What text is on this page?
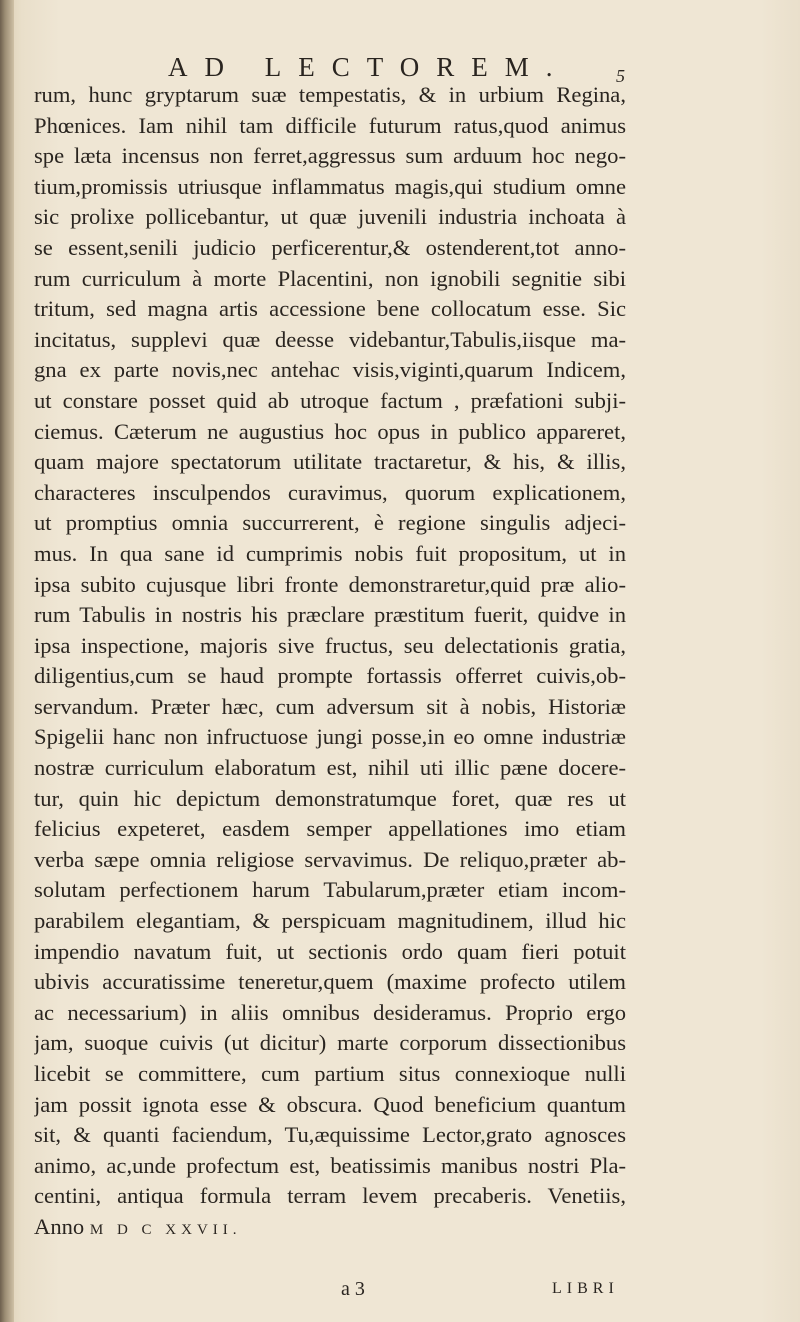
AD LECTOREM.	5
rum, hunc gryptarum suæ tempestatis, & in urbium Regina,
Phœnices. Iam nihil tam difficile futurum ratus,quod animus
spe læta incensus non ferret,aggressus sum arduum hoc nego-
tium,promissis utriusque inflammatus magis,qui studium omne
sic prolixe pollicebantur, ut quæ juvenili industria inchoata à
se essent,senili judicio perficerentur,& ostenderent,tot anno-
rum curriculum à morte Placentini, non ignobili segnitie sibi
tritum, sed magna artis accessione bene collocatum esse. Sic
incitatus, supplevi quæ deesse videbantur,Tabulis,iisque ma-
gna ex parte novis,nec antehac visis,viginti,quarum Indicem,
ut constare posset quid ab utroque factum , præfationi subji-
ciemus. Cæterum ne augustius hoc opus in publico appareret,
quam majore spectatorum utilitate tractaretur, & his, & illis,
characteres insculpendos curavimus, quorum explicationem,
ut promptius omnia succurrerent, è regione singulis adjeci-
mus. In qua sane id cumprimis nobis fuit propositum, ut in
ipsa subito cujusque libri fronte demonstraretur,quid præ alio-
rum Tabulis in nostris his præclare præstitum fuerit, quidve in
ipsa inspectione, majoris sive fructus, seu delectationis gratia,
diligentius,cum se haud prompte fortassis offerret cuivis,ob-
servandum. Præter hæc, cum adversum sit à nobis, Historiæ
Spigelii hanc non infructuose jungi posse,in eo omne industriæ
nostræ curriculum elaboratum est, nihil uti illic pæne docere-
tur, quin hic depictum demonstratumque foret, quæ res ut
felicius expeteret, easdem semper appellationes imo etiam
verba sæpe omnia religiose servavimus. De reliquo,præter ab-
solutam perfectionem harum Tabularum,præter etiam incom-
parabilem elegantiam, & perspicuam magnitudinem, illud hic
impendio navatum fuit, ut sectionis ordo quam fieri potuit
ubivis accuratissime teneretur,quem (maxime profecto utilem
ac necessarium) in aliis omnibus desideramus. Proprio ergo
jam, suoque cuivis (ut dicitur) marte corporum dissectionibus
licebit se committere, cum partium situs connexioque nulli
jam possit ignota esse & obscura. Quod beneficium quantum
sit, & quanti faciendum, Tu,æquissime Lector,grato agnosces
animo, ac,unde profectum est, beatissimis manibus nostri Pla-
centini, antiqua formula terram levem precaberis. Venetiis,
Anno M D C XXVII.
a 3	LIBRI
